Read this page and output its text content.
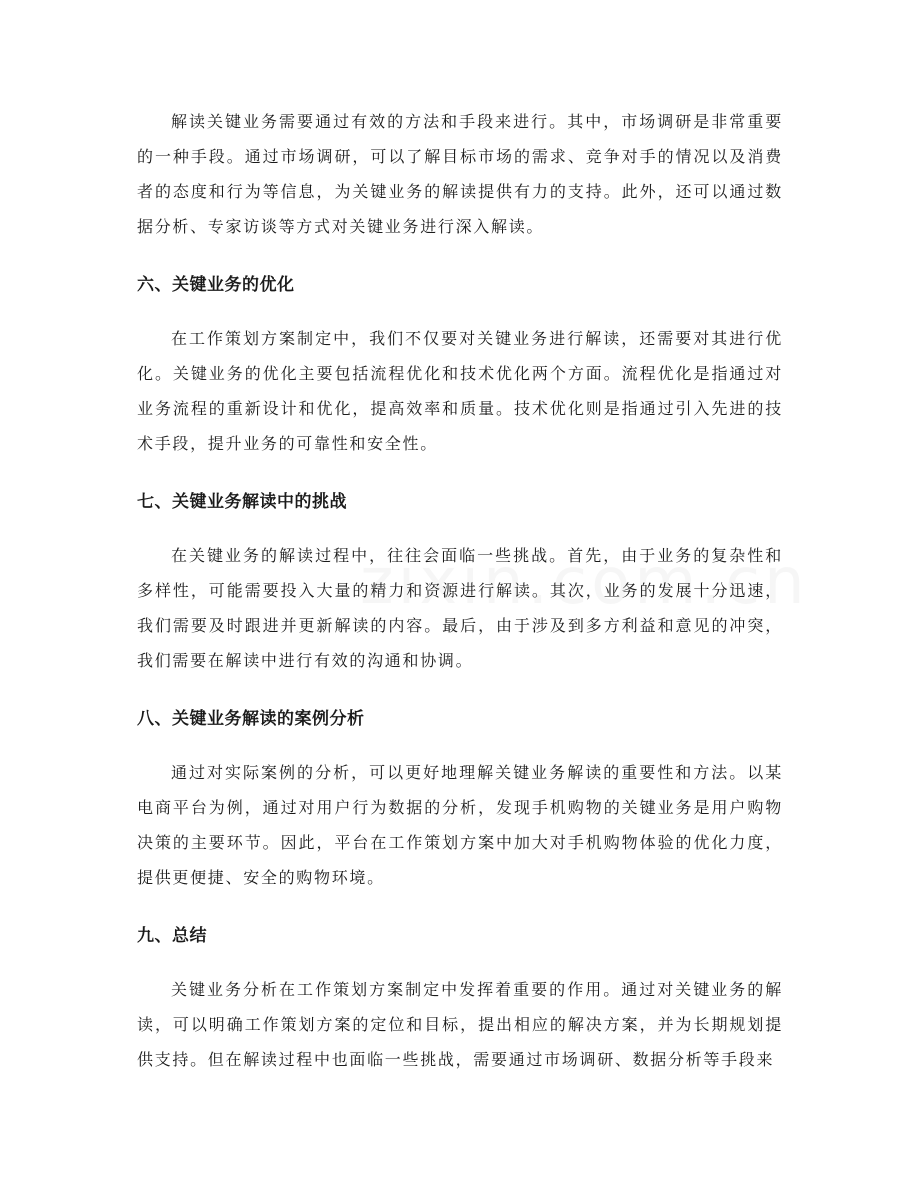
解读关键业务需要通过有效的方法和手段来进行。其中，市场调研是非常重要的一种手段。通过市场调研，可以了解目标市场的需求、竞争对手的情况以及消费者的态度和行为等信息，为关键业务的解读提供有力的支持。此外，还可以通过数据分析、专家访谈等方式对关键业务进行深入解读。

六、关键业务的优化

在工作策划方案制定中，我们不仅要对关键业务进行解读，还需要对其进行优化。关键业务的优化主要包括流程优化和技术优化两个方面。流程优化是指通过对业务流程的重新设计和优化，提高效率和质量。技术优化则是指通过引入先进的技术手段，提升业务的可靠性和安全性。

七、关键业务解读中的挑战

在关键业务的解读过程中，往往会面临一些挑战。首先，由于业务的复杂性和多样性，可能需要投入大量的精力和资源进行解读。其次，业务的发展十分迅速，我们需要及时跟进并更新解读的内容。最后，由于涉及到多方利益和意见的冲突，我们需要在解读中进行有效的沟通和协调。

八、关键业务解读的案例分析

通过对实际案例的分析，可以更好地理解关键业务解读的重要性和方法。以某电商平台为例，通过对用户行为数据的分析，发现手机购物的关键业务是用户购物决策的主要环节。因此，平台在工作策划方案中加大对手机购物体验的优化力度，提供更便捷、安全的购物环境。

九、总结

关键业务分析在工作策划方案制定中发挥着重要的作用。通过对关键业务的解读，可以明确工作策划方案的定位和目标，提出相应的解决方案，并为长期规划提供支持。但在解读过程中也面临一些挑战，需要通过市场调研、数据分析等手段来
